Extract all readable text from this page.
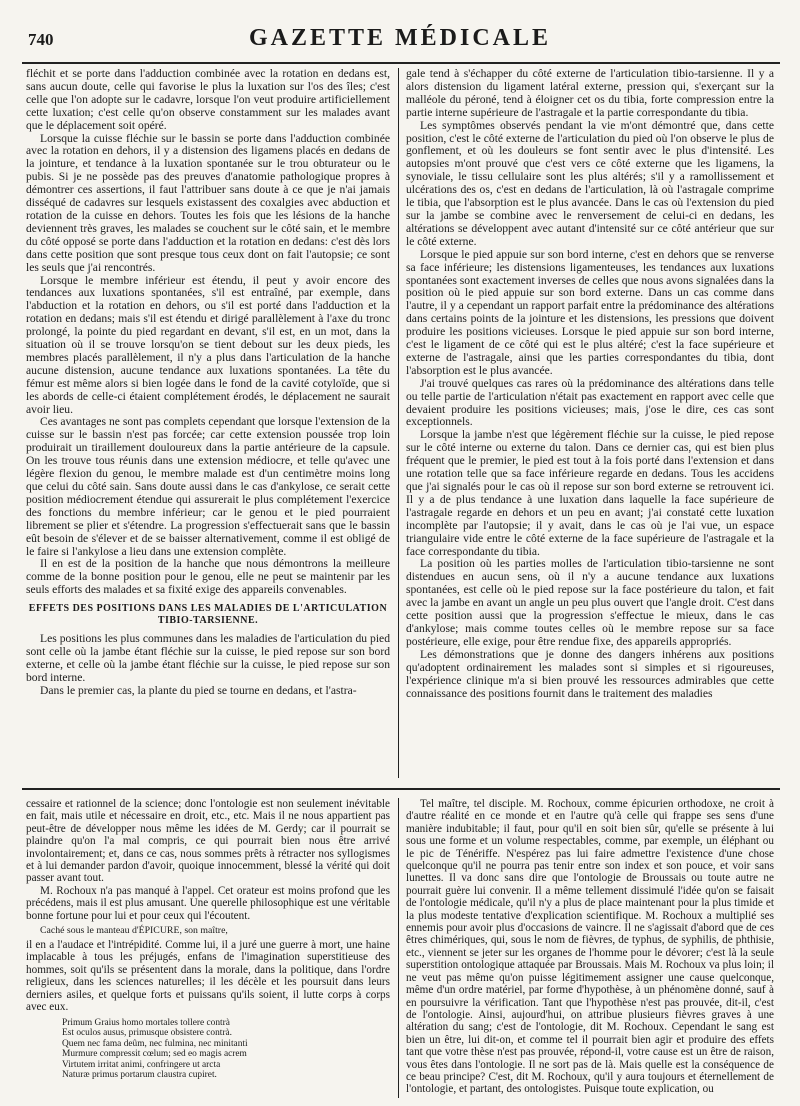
740	GAZETTE MÉDICALE

fléchit et se porte dans l'adduction combinée avec la rotation en dedans est, sans aucun doute, celle qui favorise le plus la luxation sur l'os des îles; c'est celle que l'on adopte sur le cadavre, lorsque l'on veut produire artificiellement cette luxation; c'est celle qu'on observe constamment sur les malades avant que le déplacement soit opéré.

Lorsque la cuisse fléchie sur le bassin se porte dans l'adduction combinée avec la rotation en dehors, il y a distension des ligamens placés en dedans de la jointure, et tendance à la luxation spontanée sur le trou obturateur ou le pubis. Si je ne possède pas des preuves d'anatomie pathologique propres à démontrer ces assertions, il faut l'attribuer sans doute à ce que je n'ai jamais disséqué de cadavres sur lesquels existassent des coxalgies avec abduction et rotation de la cuisse en dehors. Toutes les fois que les lésions de la hanche deviennent très graves, les malades se couchent sur le côté sain, et le membre du côté opposé se porte dans l'adduction et la rotation en dedans: c'est dès lors dans cette position que sont presque tous ceux dont on fait l'autopsie; ce sont les seuls que j'ai rencontrés.

Lorsque le membre inférieur est étendu, il peut y avoir encore des tendances aux luxations spontanées, s'il est entraîné, par exemple, dans l'abduction et la rotation en dehors, ou s'il est porté dans l'adduction et la rotation en dedans; mais s'il est étendu et dirigé parallèlement à l'axe du tronc prolongé, la pointe du pied regardant en devant, s'il est, en un mot, dans la situation où il se trouve lorsqu'on se tient debout sur les deux pieds, les membres placés parallèlement, il n'y a plus dans l'articulation de la hanche aucune distension, aucune tendance aux luxations spontanées. La tête du fémur est même alors si bien logée dans le fond de la cavité cotyloïde, que si les abords de celle-ci étaient complétement érodés, le déplacement ne saurait avoir lieu.

Ces avantages ne sont pas complets cependant que lorsque l'extension de la cuisse sur le bassin n'est pas forcée; car cette extension poussée trop loin produirait un tiraillement douloureux dans la partie antérieure de la capsule. On les trouve tous réunis dans une extension médiocre, et telle qu'avec une légère flexion du genou, le membre malade est d'un centimètre moins long que celui du côté sain. Sans doute aussi dans le cas d'ankylose, ce serait cette position médiocrement étendue qui assurerait le plus complétement l'exercice des fonctions du membre inférieur; car le genou et le pied pourraient librement se plier et s'étendre. La progression s'effectuerait sans que le bassin eût besoin de s'élever et de se baisser alternativement, comme il est obligé de le faire si l'ankylose a lieu dans une extension complète.

Il en est de la position de la hanche que nous démontrons la meilleure comme de la bonne position pour le genou, elle ne peut se maintenir par les seuls efforts des malades et sa fixité exige des appareils convenables.

EFFETS DES POSITIONS DANS LES MALADIES DE L'ARTICULATION TIBIO-TARSIENNE.

Les positions les plus communes dans les maladies de l'articulation du pied sont celle où la jambe étant fléchie sur la cuisse, le pied repose sur son bord externe, et celle où la jambe étant fléchie sur la cuisse, le pied repose sur son bord interne.

Dans le premier cas, la plante du pied se tourne en dedans, et l'astra-

gale tend à s'échapper du côté externe de l'articulation tibio-tarsienne. Il y a alors distension du ligament latéral externe, pression qui, s'exerçant sur la malléole du péroné, tend à éloigner cet os du tibia, forte compression entre la partie interne supérieure de l'astragale et la partie correspondante du tibia.

Les symptômes observés pendant la vie m'ont démontré que, dans cette position, c'est le côté externe de l'articulation du pied où l'on observe le plus de gonflement, et où les douleurs se font sentir avec le plus d'intensité. Les autopsies m'ont prouvé que c'est vers ce côté externe que les ligamens, la synoviale, le tissu cellulaire sont les plus altérés; s'il y a ramollissement et ulcérations des os, c'est en dedans de l'articulation, là où l'astragale comprime le tibia, que l'absorption est le plus avancée. Dans le cas où l'extension du pied sur la jambe se combine avec le renversement de celui-ci en dedans, les altérations se développent avec autant d'intensité sur ce côté antérieur que sur le côté externe.

Lorsque le pied appuie sur son bord interne, c'est en dehors que se renverse sa face inférieure; les distensions ligamenteuses, les tendances aux luxations spontanées sont exactement inverses de celles que nous avons signalées dans la position où le pied appuie sur son bord externe. Dans un cas comme dans l'autre, il y a cependant un rapport parfait entre la prédominance des altérations dans certains points de la jointure et les distensions, les pressions que doivent produire les positions vicieuses. Lorsque le pied appuie sur son bord interne, c'est le ligament de ce côté qui est le plus altéré; c'est la face supérieure et externe de l'astragale, ainsi que les parties correspondantes du tibia, dont l'absorption est le plus avancée.

J'ai trouvé quelques cas rares où la prédominance des altérations dans telle ou telle partie de l'articulation n'était pas exactement en rapport avec celle que devaient produire les positions vicieuses; mais, j'ose le dire, ces cas sont exceptionnels.

Lorsque la jambe n'est que légèrement fléchie sur la cuisse, le pied repose sur le côté interne ou externe du talon. Dans ce dernier cas, qui est bien plus fréquent que le premier, le pied est tout à la fois porté dans l'extension et dans une rotation telle que sa face inférieure regarde en dedans. Tous les accidens que j'ai signalés pour le cas où il repose sur son bord externe se retrouvent ici. Il y a de plus tendance à une luxation dans laquelle la face supérieure de l'astragale regarde en dehors et un peu en avant; j'ai constaté cette luxation incomplète par l'autopsie; il y avait, dans le cas où je l'ai vue, un espace triangulaire vide entre le côté externe de la face supérieure de l'astragale et la face correspondante du tibia.

La position où les parties molles de l'articulation tibio-tarsienne ne sont distendues en aucun sens, où il n'y a aucune tendance aux luxations spontanées, est celle où le pied repose sur la face postérieure du talon, et fait avec la jambe en avant un angle un peu plus ouvert que l'angle droit. C'est dans cette position aussi que la progression s'effectue le mieux, dans le cas d'ankylose; mais comme toutes celles où le membre repose sur sa face postérieure, elle exige, pour être rendue fixe, des appareils appropriés.

Les démonstrations que je donne des dangers inhérens aux positions qu'adoptent ordinairement les malades sont si simples et si rigoureuses, l'expérience clinique m'a si bien prouvé les ressources admirables que cette connaissance des positions fournit dans le traitement des maladies

cessaire et rationnel de la science; donc l'ontologie est non seulement inévitable en fait, mais utile et nécessaire en droit, etc., etc. Mais il ne nous appartient pas peut-être de développer nous même les idées de M. Gerdy; car il pourrait se plaindre qu'on l'a mal compris, ce qui pourrait bien nous être arrivé involontairement; et, dans ce cas, nous sommes prêts à rétracter nos syllogismes et à lui demander pardon d'avoir, quoique innocemment, blessé la vérité qui doit passer avant tout.

M. Rochoux n'a pas manqué à l'appel. Cet orateur est moins profond que les précédens, mais il est plus amusant. Une querelle philosophique est une véritable bonne fortune pour lui et pour ceux qui l'écoutent.

Caché sous le manteau d'ÉPICURE, son maître,

il en a l'audace et l'intrépidité. Comme lui, il a juré une guerre à mort, une haine implacable à tous les préjugés, enfans de l'imagination superstitieuse des hommes, soit qu'ils se présentent dans la morale, dans la politique, dans l'ordre religieux, dans les sciences naturelles; il les décèle et les poursuit dans leurs derniers asiles, et quelque forts et puissans qu'ils soient, il lutte corps à corps avec eux.

Primum Graius homo mortales tollere contrà
Est oculos ausus, primusque obsistere contrà.
Quem nec fama deûm, nec fulmina, nec minitanti
Murmure compressit cœlum; sed eo magis acrem
Virtutem irritat animi, confringere ut arcta
Naturæ primus portarum claustra cupiret.

Tel maître, tel disciple. M. Rochoux, comme épicurien orthodoxe, ne croit à d'autre réalité en ce monde et en l'autre qu'à celle qui frappe ses sens d'une manière indubitable; il faut, pour qu'il en soit bien sûr, qu'elle se présente à lui sous une forme et un volume respectables, comme, par exemple, un éléphant ou le pic de Ténériffe. N'espérez pas lui faire admettre l'existence d'une chose quelconque qu'il ne pourra pas tenir entre son index et son pouce, et voir sans lunettes. Il va donc sans dire que l'ontologie de Broussais ou toute autre ne pourrait guère lui convenir. Il a même tellement dissimulé l'idée qu'on se faisait de l'ontologie médicale, qu'il n'y a plus de place maintenant pour la plus timide et la plus modeste tentative d'explication scientifique. M. Rochoux a multiplié ses ennemis pour avoir plus d'occasions de vaincre. Il ne s'agissait d'abord que de ces êtres chimériques, qui, sous le nom de fièvres, de typhus, de syphilis, de phthisie, etc., viennent se jeter sur les organes de l'homme pour le dévorer; c'est là la seule superstition ontologique attaquée par Broussais. Mais M. Rochoux va plus loin; il ne veut pas même qu'on puisse légitimement assigner une cause quelconque, même d'un ordre matériel, par forme d'hypothèse, à un phénomène donné, sauf à en poursuivre la vérification. Tant que l'hypothèse n'est pas prouvée, dit-il, c'est de l'ontologie. Ainsi, aujourd'hui, on attribue plusieurs fièvres graves à une altération du sang; c'est de l'ontologie, dit M. Rochoux. Cependant le sang est bien un être, lui dit-on, et comme tel il pourrait bien agir et produire des effets tant que votre thèse n'est pas prouvée, répond-il, votre cause est un être de raison, vous êtes dans l'ontologie. Il ne sort pas de là. Mais quelle est la conséquence de ce beau principe? C'est, dit M. Rochoux, qu'il y aura toujours et éternellement de l'ontologie, et partant, des ontologistes. Puisque toute explication, ou
